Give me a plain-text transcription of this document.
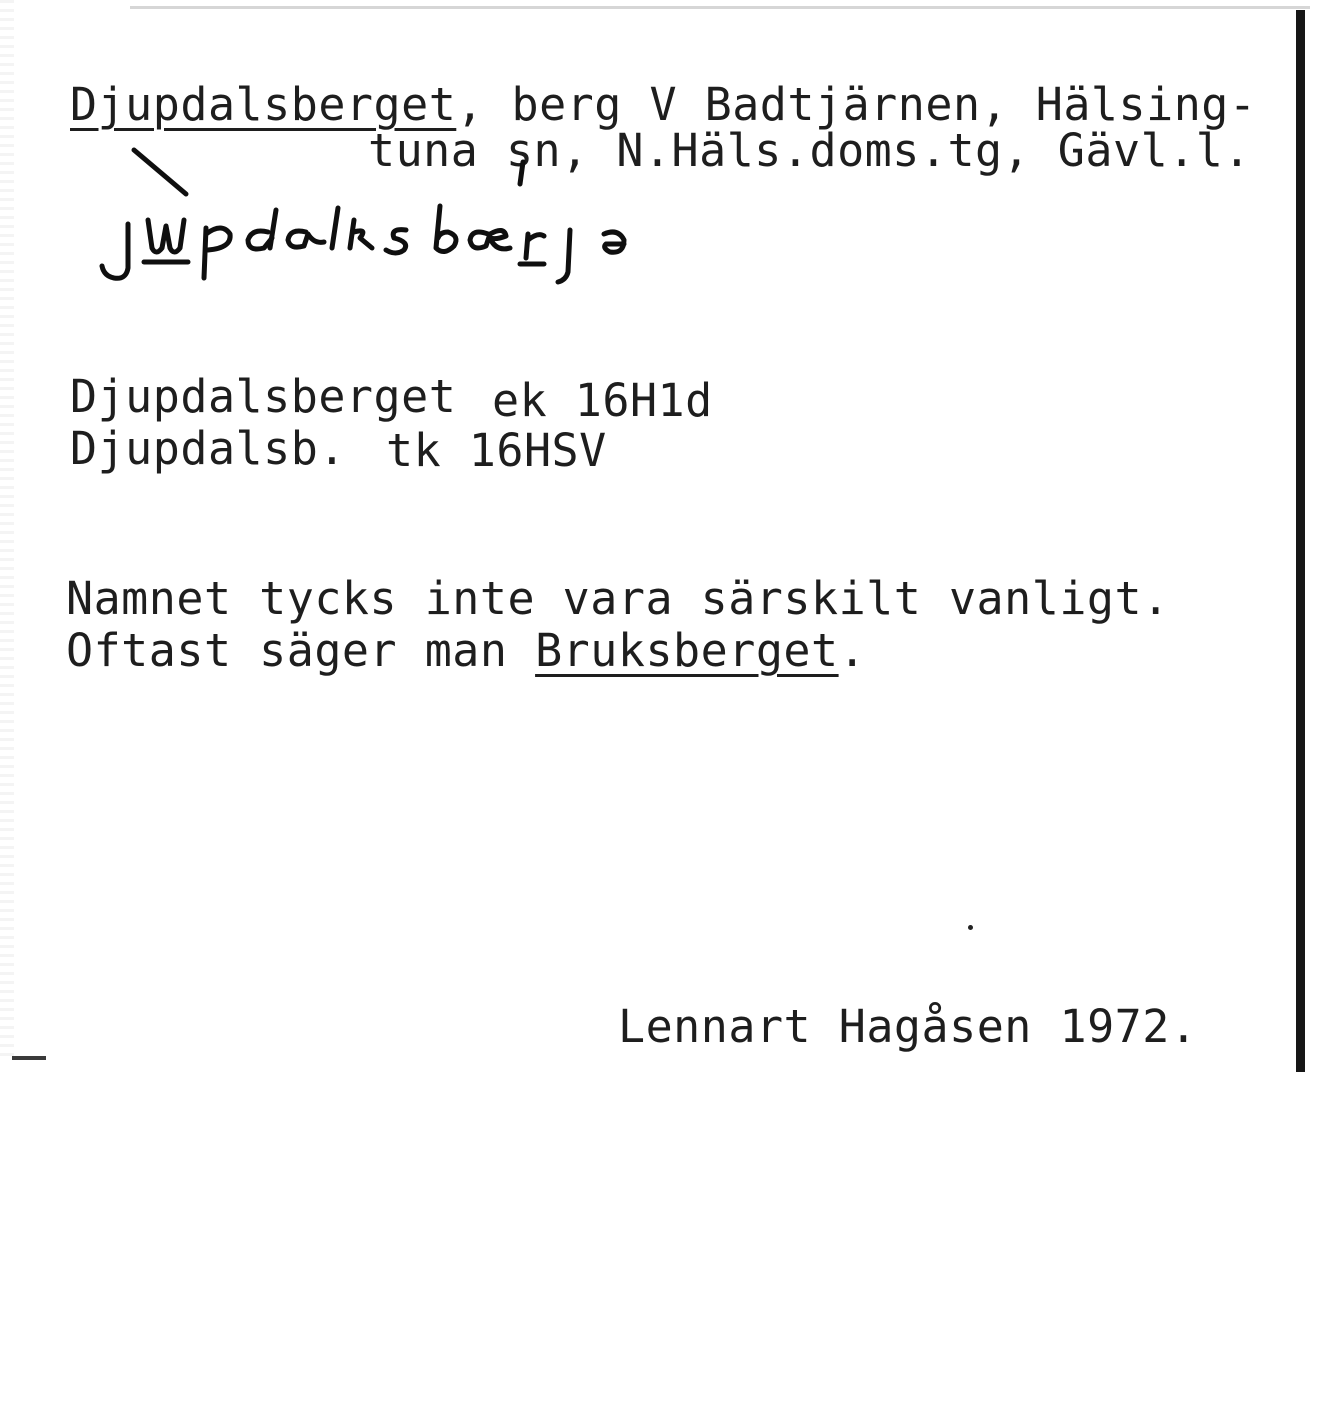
Djupdalsberget, berg V Badtjärnen, Hälsing-

tuna sn, N.Häls.doms.tg, Gävl.l.

Djupdalsberget ek 16H1d

Djupdalsb. tk 16HSV

Namnet tycks inte vara särskilt vanligt.

Oftast säger man Bruksberget.

Lennart Hagåsen 1972.
